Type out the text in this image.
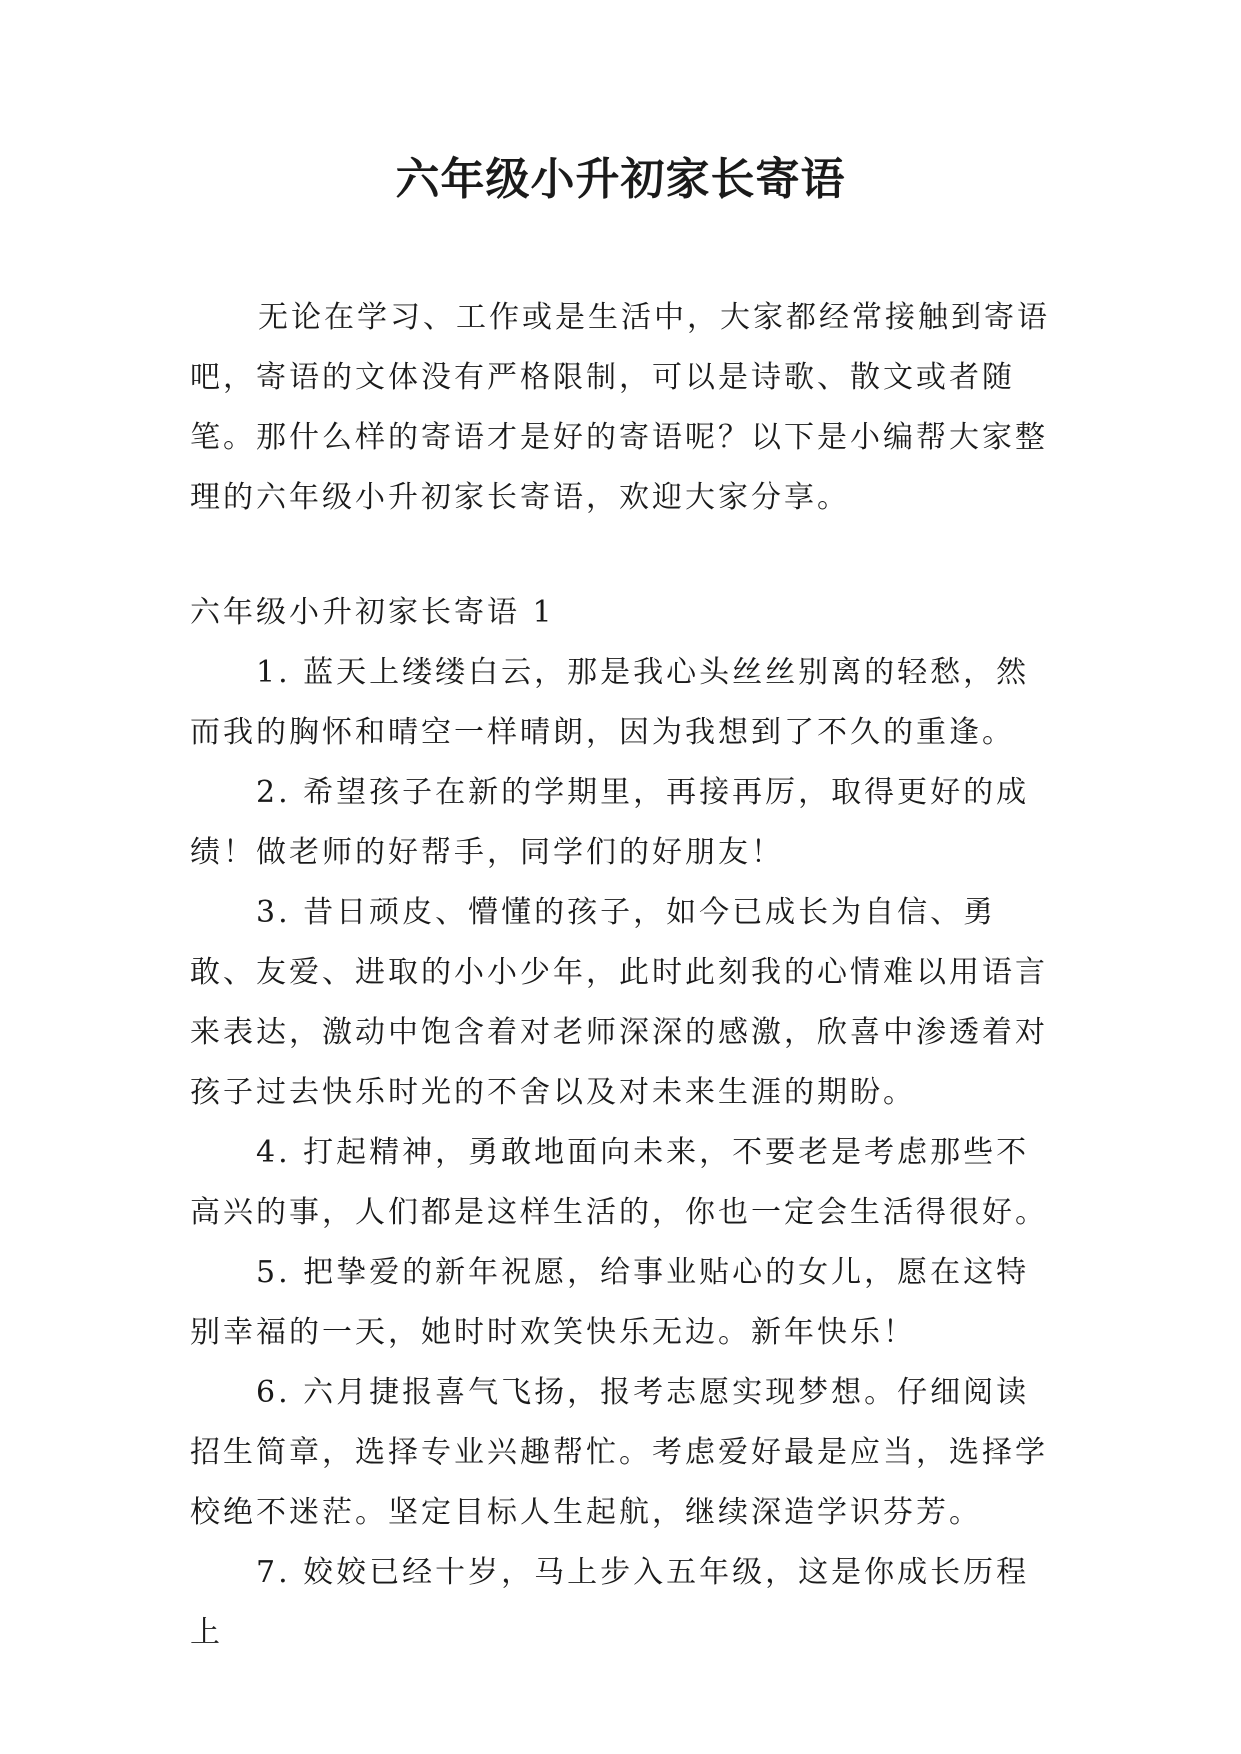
六年级小升初家长寄语

无论在学习、工作或是生活中，大家都经常接触到寄语吧，寄语的文体没有严格限制，可以是诗歌、散文或者随笔。那什么样的寄语才是好的寄语呢？以下是小编帮大家整理的六年级小升初家长寄语，欢迎大家分享。

六年级小升初家长寄语 1

1. 蓝天上缕缕白云，那是我心头丝丝别离的轻愁，然而我的胸怀和晴空一样晴朗，因为我想到了不久的重逢。
2. 希望孩子在新的学期里，再接再厉，取得更好的成绩！做老师的好帮手，同学们的好朋友！
3. 昔日顽皮、懵懂的孩子，如今已成长为自信、勇敢、友爱、进取的小小少年，此时此刻我的心情难以用语言来表达，激动中饱含着对老师深深的感激，欣喜中渗透着对孩子过去快乐时光的不舍以及对未来生涯的期盼。
4. 打起精神，勇敢地面向未来，不要老是考虑那些不高兴的事，人们都是这样生活的，你也一定会生活得很好。
5. 把挚爱的新年祝愿，给事业贴心的女儿，愿在这特别幸福的一天，她时时欢笑快乐无边。新年快乐！
6. 六月捷报喜气飞扬，报考志愿实现梦想。仔细阅读招生简章，选择专业兴趣帮忙。考虑爱好最是应当，选择学校绝不迷茫。坚定目标人生起航，继续深造学识芬芳。
7. 姣姣已经十岁，马上步入五年级，这是你成长历程上
